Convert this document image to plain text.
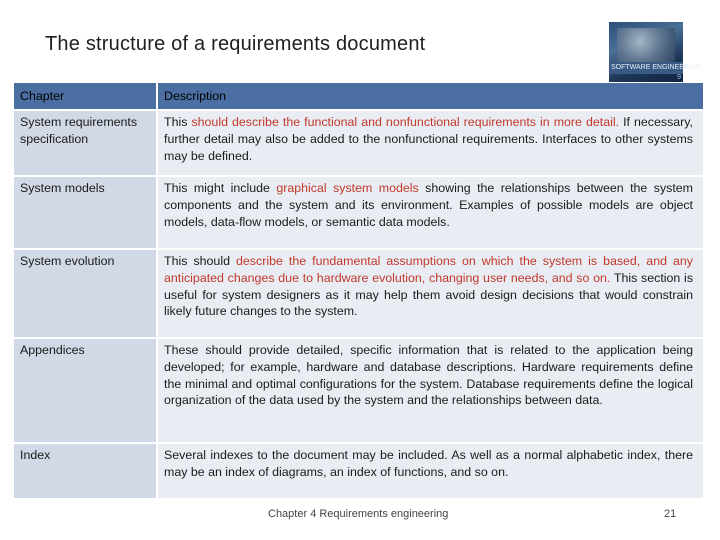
The structure of a requirements document
SOFTWARE ENGINEERING
9
Chapter	Description
System requirements specification	This should describe the functional and nonfunctional requirements in more detail. If necessary, further detail may also be added to the nonfunctional requirements. Interfaces to other systems may be defined.
System models	This might include graphical system models showing the relationships between the system components and the system and its environment. Examples of possible models are object models, data-flow models, or semantic data models.
System evolution	This should describe the fundamental assumptions on which the system is based, and any anticipated changes due to hardware evolution, changing user needs, and so on. This section is useful for system designers as it may help them avoid design decisions that would constrain likely future changes to the system.
Appendices	These should provide detailed, specific information that is related to the application being developed; for example, hardware and database descriptions. Hardware requirements define the minimal and optimal configurations for the system. Database requirements define the logical organization of the data used by the system and the relationships between data.
Index	Several indexes to the document may be included. As well as a normal alphabetic index, there may be an index of diagrams, an index of functions, and so on.
Chapter 4 Requirements engineering	21
